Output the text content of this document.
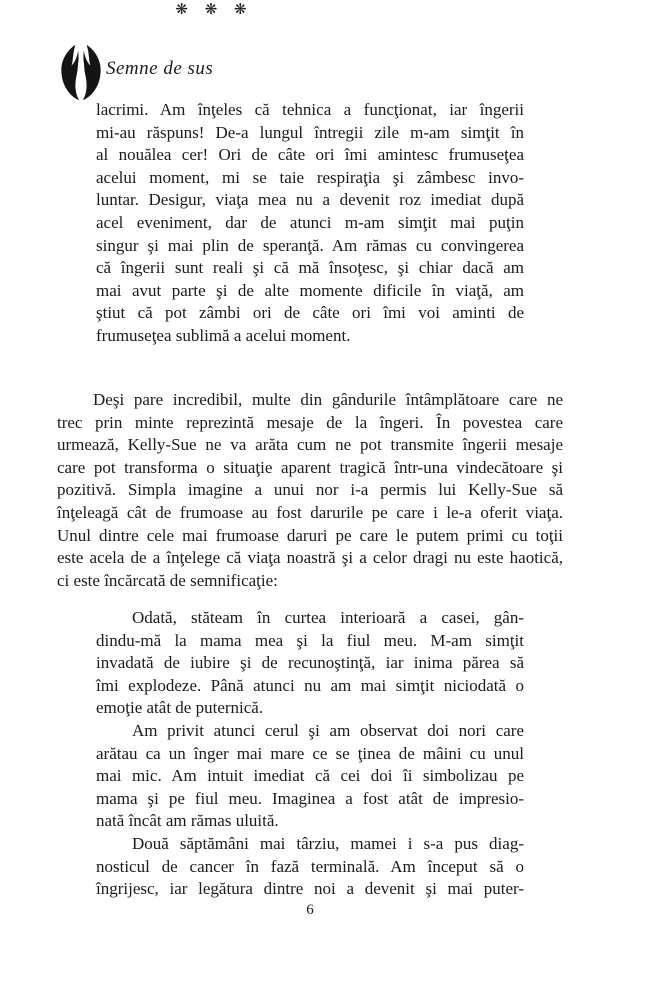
Semne de sus
lacrimi. Am înţeles că tehnica a funcţionat, iar îngerii
mi-au răspuns! De-a lungul întregii zile m-am simţit în
al nouălea cer! Ori de câte ori îmi amintesc frumuseţea
acelui moment, mi se taie respiraţia şi zâmbesc invo-
luntar. Desigur, viaţa mea nu a devenit roz imediat după
acel eveniment, dar de atunci m-am simţit mai puţin
singur şi mai plin de speranţă. Am rămas cu convingerea
că îngerii sunt reali şi că mă însoţesc, şi chiar dacă am
mai avut parte şi de alte momente dificile în viaţă, am
ştiut că pot zâmbi ori de câte ori îmi voi aminti de
frumuseţea sublimă a acelui moment.
❋ ❋ ❋
Deşi pare incredibil, multe din gândurile întâmplătoare care ne
trec prin minte reprezintă mesaje de la îngeri. În povestea care
urmează, Kelly-Sue ne va arăta cum ne pot transmite îngerii mesaje
care pot transforma o situaţie aparent tragică într-una vindecătoare şi
pozitivă. Simpla imagine a unui nor i-a permis lui Kelly-Sue să
înţeleagă cât de frumoase au fost darurile pe care i le-a oferit viaţa.
Unul dintre cele mai frumoase daruri pe care le putem primi cu toţii
este acela de a înţelege că viaţa noastră şi a celor dragi nu este haotică,
ci este încărcată de semnificaţie:
Odată, stăteam în curtea interioară a casei, gân-
dindu-mă la mama mea şi la fiul meu. M-am simţit
invadată de iubire şi de recunoştinţă, iar inima părea să
îmi explodeze. Până atunci nu am mai simţit niciodată o
emoţie atât de puternică.
Am privit atunci cerul şi am observat doi nori care
arătau ca un înger mai mare ce se ţinea de mâini cu unul
mai mic. Am intuit imediat că cei doi îi simbolizau pe
mama şi pe fiul meu. Imaginea a fost atât de impresio-
nată încât am rămas uluită.
Două săptămâni mai târziu, mamei i s-a pus diag-
nosticul de cancer în fază terminală. Am început să o
îngrijesc, iar legătura dintre noi a devenit şi mai puter-
6
